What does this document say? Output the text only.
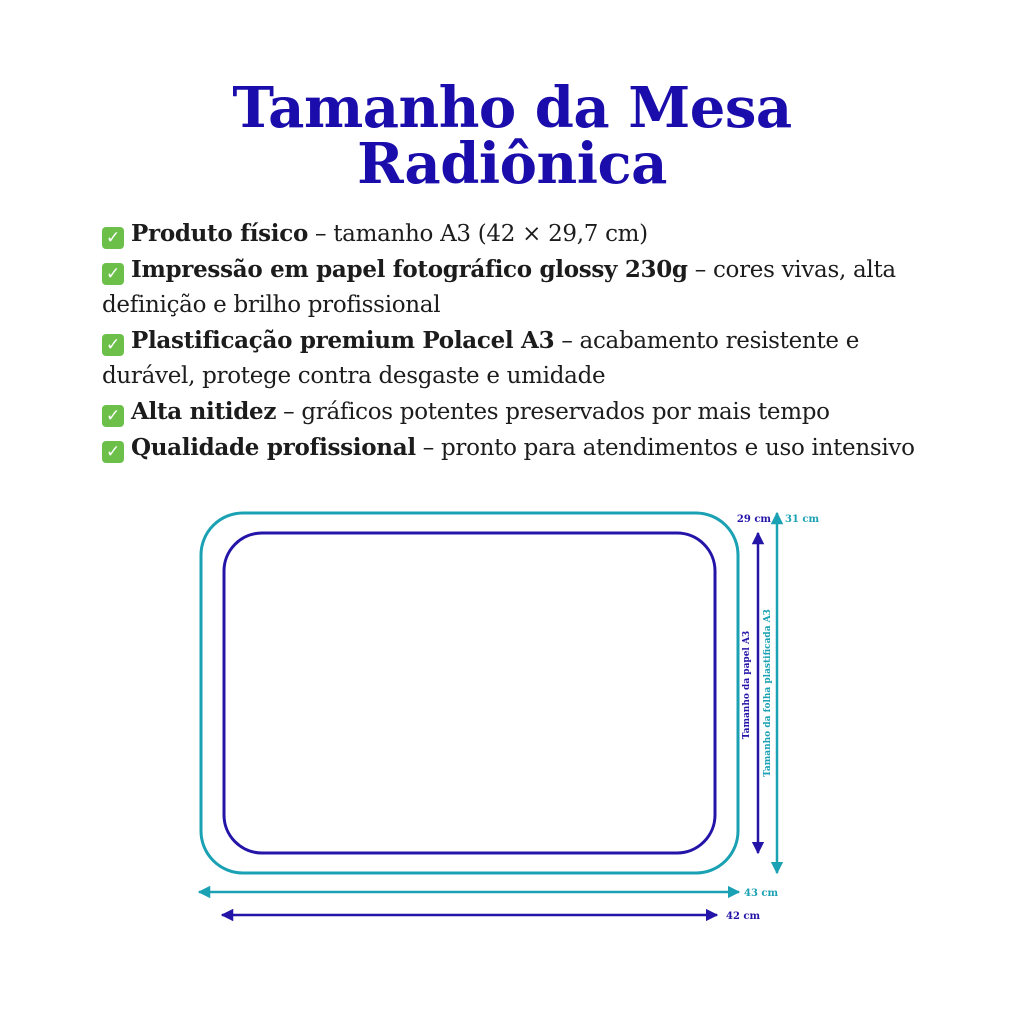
Tamanho da Mesa
Radiônica

✓ Produto físico – tamanho A3 (42 × 29,7 cm)

✓ Impressão em papel fotográfico glossy 230g – cores vivas, alta definição e brilho profissional

✓ Plastificação premium Polacel A3 – acabamento resistente e durável, protege contra desgaste e umidade

✓ Alta nitidez – gráficos potentes preservados por mais tempo

✓ Qualidade profissional – pronto para atendimentos e uso intensivo

29 cm 31 cm
Tamanho da papel A3 Tamanho da folha plastificada A3
43 cm
42 cm
